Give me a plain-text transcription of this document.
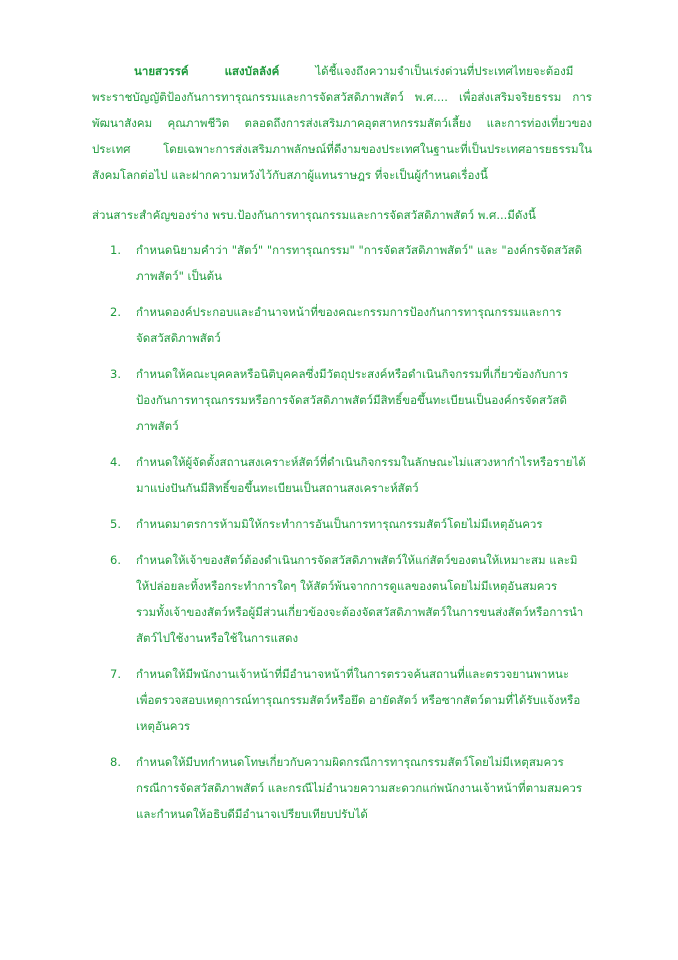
นายสวรรค์	แสงบัลลังค์	ได้ชี้แจงถึงความจำเป็นเร่งด่วนที่ประเทศไทยจะต้องมี
พระราชบัญญัติป้องกันการทารุณกรรมและการจัดสวัสดิภาพสัตว์ พ.ศ.... เพื่อส่งเสริมจริยธรรม การ
พัฒนาสังคม คุณภาพชีวิต ตลอดถึงการส่งเสริมภาคอุตสาหกรรมสัตว์เลี้ยง และการท่องเที่ยวของ
ประเทศ โดยเฉพาะการส่งเสริมภาพลักษณ์ที่ดีงามของประเทศในฐานะที่เป็นประเทศอารยธรรมใน
สังคมโลกต่อไป และฝากความหวังไว้กับสภาผู้แทนราษฎร ที่จะเป็นผู้กำหนดเรื่องนี้
ส่วนสาระสำคัญของร่าง พรบ.ป้องกันการทารุณกรรมและการจัดสวัสดิภาพสัตว์ พ.ศ...มีดังนี้
1. กำหนดนิยามคำว่า "สัตว์" "การทารุณกรรม" "การจัดสวัสดิภาพสัตว์" และ "องค์กรจัดสวัสดิ
ภาพสัตว์" เป็นต้น
2. กำหนดองค์ประกอบและอำนาจหน้าที่ของคณะกรรมการป้องกันการทารุณกรรมและการ
จัดสวัสดิภาพสัตว์
3. กำหนดให้คณะบุคคลหรือนิติบุคคลซึ่งมีวัตถุประสงค์หรือดำเนินกิจกรรมที่เกี่ยวข้องกับการ
ป้องกันการทารุณกรรมหรือการจัดสวัสดิภาพสัตว์มีสิทธิ์ขอขึ้นทะเบียนเป็นองค์กรจัดสวัสดิ
ภาพสัตว์
4. กำหนดให้ผู้จัดตั้งสถานสงเคราะห์สัตว์ที่ดำเนินกิจกรรมในลักษณะไม่แสวงหากำไรหรือรายได้
มาแบ่งปันกันมีสิทธิ์ขอขึ้นทะเบียนเป็นสถานสงเคราะห์สัตว์
5. กำหนดมาตรการห้ามมิให้กระทำการอันเป็นการทารุณกรรมสัตว์โดยไม่มีเหตุอันควร
6. กำหนดให้เจ้าของสัตว์ต้องดำเนินการจัดสวัสดิภาพสัตว์ให้แก่สัตว์ของตนให้เหมาะสม และมิ
ให้ปล่อยละทิ้งหรือกระทำการใดๆ ให้สัตว์พ้นจากการดูแลของตนโดยไม่มีเหตุอันสมควร
รวมทั้งเจ้าของสัตว์หรือผู้มีส่วนเกี่ยวข้องจะต้องจัดสวัสดิภาพสัตว์ในการขนส่งสัตว์หรือการนำ
สัตว์ไปใช้งานหรือใช้ในการแสดง
7. กำหนดให้มีพนักงานเจ้าหน้าที่มีอำนาจหน้าที่ในการตรวจค้นสถานที่และตรวจยานพาหนะ
เพื่อตรวจสอบเหตุการณ์ทารุณกรรมสัตว์หรือยึด อายัดสัตว์ หรือซากสัตว์ตามที่ได้รับแจ้งหรือ
เหตุอันควร
8. กำหนดให้มีบทกำหนดโทษเกี่ยวกับความผิดกรณีการทารุณกรรมสัตว์โดยไม่มีเหตุสมควร
กรณีการจัดสวัสดิภาพสัตว์ และกรณีไม่อำนวยความสะดวกแก่พนักงานเจ้าหน้าที่ตามสมควร
และกำหนดให้อธิบดีมีอำนาจเปรียบเทียบปรับได้
